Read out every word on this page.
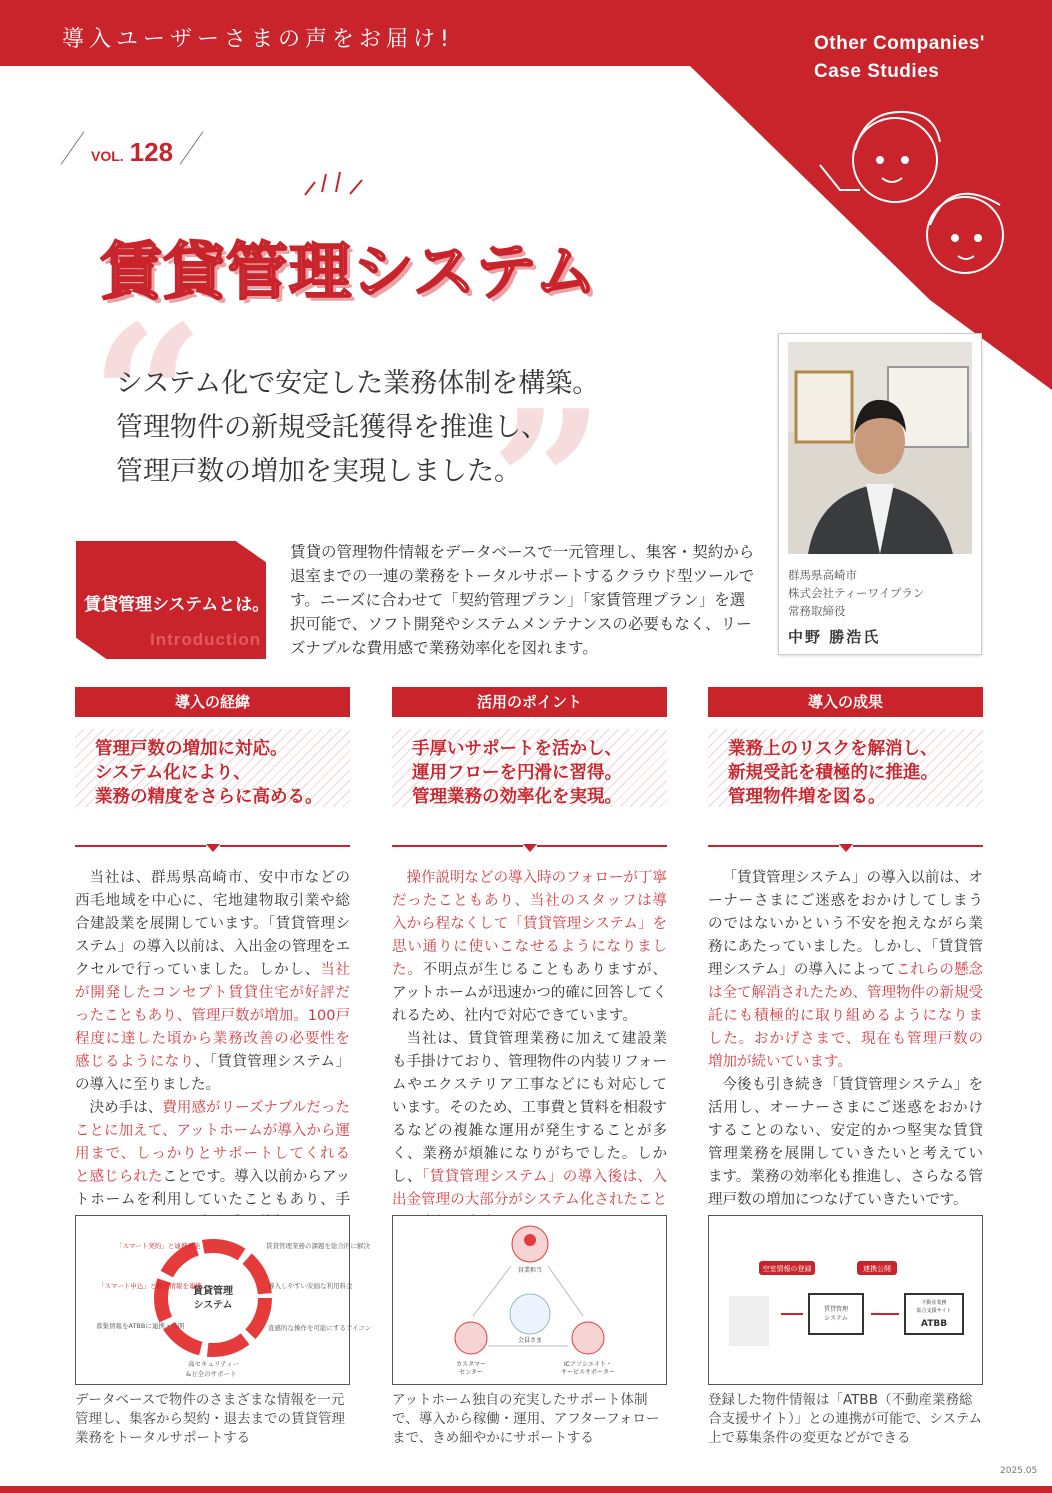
導入ユーザーさまの声をお届け!	Other Companies'
Case Studies
VOL. 128
賃貸管理システム
“ ”
システム化で安定した業務体制を構築。
管理物件の新規受託獲得を推進し、
管理戸数の増加を実現しました。
賃貸管理システムとは。
Introduction
賃貸の管理物件情報をデータベースで一元管理し、集客・契約から退室までの一連の業務をトータルサポートするクラウド型ツールです。ニーズに合わせて「契約管理プラン」「家賃管理プラン」を選択可能で、ソフト開発やシステムメンテナンスの必要もなく、リーズナブルな費用感で業務効率化を図れます。
群馬県高崎市
株式会社ティーワイプラン
常務取締役
中野 勝浩氏
導入の経緯
管理戸数の増加に対応。
システム化により、
業務の精度をさらに高める。

当社は、群馬県高崎市、安中市などの西毛地域を中心に、宅地建物取引業や総合建設業を展開しています。「賃貸管理システム」の導入以前は、入出金の管理をエクセルで行っていました。しかし、当社が開発したコンセプト賃貸住宅が好評だったこともあり、管理戸数が増加。100戸程度に達した頃から業務改善の必要性を感じるようになり、「賃貸管理システム」の導入に至りました。

決め手は、費用感がリーズナブルだったことに加えて、アットホームが導入から運用まで、しっかりとサポートしてくれると感じられたことです。導入以前からアットホームを利用していたこともあり、手

活用のポイント
手厚いサポートを活かし、
運用フローを円滑に習得。
管理業務の効率化を実現。

操作説明などの導入時のフォローが丁寧だったこともあり、当社のスタッフは導入から程なくして「賃貸管理システム」を思い通りに使いこなせるようになりました。不明点が生じることもありますが、アットホームが迅速かつ的確に回答してくれるため、社内で対応できています。

当社は、賃貸管理業務に加えて建設業も手掛けており、管理物件の内装リフォームやエクステリア工事などにも対応しています。そのため、工事費と賃料を相殺するなどの複雑な運用が発生することが多く、業務が煩雑になりがちでした。しかし、「賃貸管理システム」の導入後は、入出金管理の大部分がシステム化されたこと

導入の成果
業務上のリスクを解消し、
新規受託を積極的に推進。
管理物件増を図る。

「賃貸管理システム」の導入以前は、オーナーさまにご迷惑をおかけしてしまうのではないかという不安を抱えながら業務にあたっていました。しかし、「賃貸管理システム」の導入によってこれらの懸念は全て解消されたため、管理物件の新規受託にも積極的に取り組めるようになりました。おかげさまで、現在も管理戸数の増加が続いています。

今後も引き続き「賃貸管理システム」を活用し、オーナーさまにご迷惑をおかけすることのない、安定的かつ堅実な賃貸管理業務を展開していきたいと考えています。業務の効率化も推進し、さらなる管理戸数の増加につなげていきたいです。

賃貸管理
システム
「スマート契約」と連携可能
「スマート申込」と顧客情報を連携
募集情報をATBBに連携・公開
賃貸管理業務の課題を総合的に解決
導入しやすい安価な利用料金
直感的な操作を可能にするアイコン
高セキュリティー
&万全のサポート
データベースで物件のさまざまな情報を一元管理し、集客から契約・退去までの賃貸管理業務をトータルサポートする
営業担当
会員さま
カスタマー
センター
ICアソシエイト・
サービスサポーター
アットホーム独自の充実したサポート体制で、導入から稼働・運用、アフターフォローまで、きめ細やかにサポートする
空室情報の登録	連携公開
賃貸管理
システム
不動産業務
総合支援サイト
ATBB
登録した物件情報は「ATBB（不動産業務総合支援サイト）」との連携が可能で、システム上で募集条件の変更などができる
2025.05
